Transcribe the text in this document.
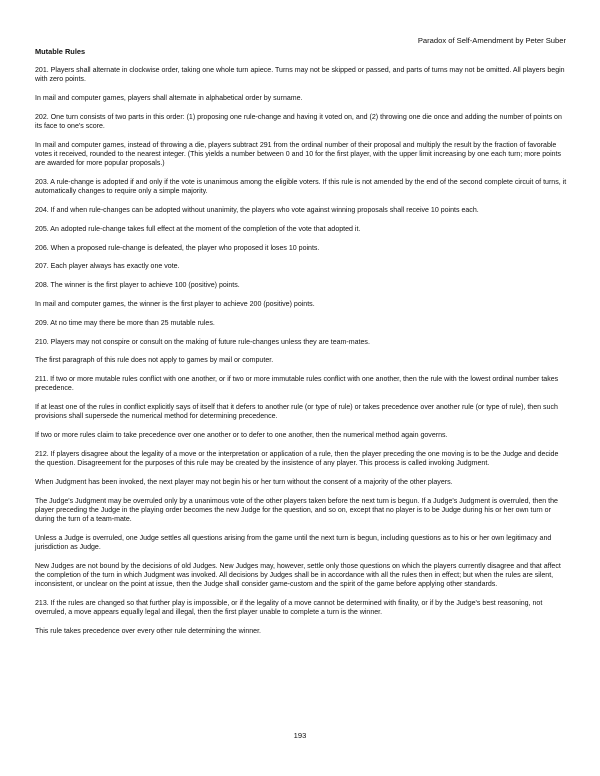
Paradox of Self-Amendment by Peter Suber
Mutable Rules

201. Players shall alternate in clockwise order, taking one whole turn apiece. Turns may not be skipped or passed, and parts of turns may not be omitted. All players begin with zero points.

In mail and computer games, players shall alternate in alphabetical order by surname.

202. One turn consists of two parts in this order: (1) proposing one rule-change and having it voted on, and (2) throwing one die once and adding the number of points on its face to one's score.

In mail and computer games, instead of throwing a die, players subtract 291 from the ordinal number of their proposal and multiply the result by the fraction of favorable votes it received, rounded to the nearest integer. (This yields a number between 0 and 10 for the first player, with the upper limit increasing by one each turn; more points are awarded for more popular proposals.)

203. A rule-change is adopted if and only if the vote is unanimous among the eligible voters. If this rule is not amended by the end of the second complete circuit of turns, it automatically changes to require only a simple majority.

204. If and when rule-changes can be adopted without unanimity, the players who vote against winning proposals shall receive 10 points each.

205. An adopted rule-change takes full effect at the moment of the completion of the vote that adopted it.

206. When a proposed rule-change is defeated, the player who proposed it loses 10 points.

207. Each player always has exactly one vote.

208. The winner is the first player to achieve 100 (positive) points.

In mail and computer games, the winner is the first player to achieve 200 (positive) points.

209. At no time may there be more than 25 mutable rules.

210. Players may not conspire or consult on the making of future rule-changes unless they are team-mates.

The first paragraph of this rule does not apply to games by mail or computer.

211. If two or more mutable rules conflict with one another, or if two or more immutable rules conflict with one another, then the rule with the lowest ordinal number takes precedence.

If at least one of the rules in conflict explicitly says of itself that it defers to another rule (or type of rule) or takes precedence over another rule (or type of rule), then such provisions shall supersede the numerical method for determining precedence.

If two or more rules claim to take precedence over one another or to defer to one another, then the numerical method again governs.

212. If players disagree about the legality of a move or the interpretation or application of a rule, then the player preceding the one moving is to be the Judge and decide the question. Disagreement for the purposes of this rule may be created by the insistence of any player. This process is called invoking Judgment.

When Judgment has been invoked, the next player may not begin his or her turn without the consent of a majority of the other players.

The Judge's Judgment may be overruled only by a unanimous vote of the other players taken before the next turn is begun. If a Judge's Judgment is overruled, then the player preceding the Judge in the playing order becomes the new Judge for the question, and so on, except that no player is to be Judge during his or her own turn or during the turn of a team-mate.

Unless a Judge is overruled, one Judge settles all questions arising from the game until the next turn is begun, including questions as to his or her own legitimacy and jurisdiction as Judge.

New Judges are not bound by the decisions of old Judges. New Judges may, however, settle only those questions on which the players currently disagree and that affect the completion of the turn in which Judgment was invoked. All decisions by Judges shall be in accordance with all the rules then in effect; but when the rules are silent, inconsistent, or unclear on the point at issue, then the Judge shall consider game-custom and the spirit of the game before applying other standards.

213. If the rules are changed so that further play is impossible, or if the legality of a move cannot be determined with finality, or if by the Judge's best reasoning, not overruled, a move appears equally legal and illegal, then the first player unable to complete a turn is the winner.

This rule takes precedence over every other rule determining the winner.

193
